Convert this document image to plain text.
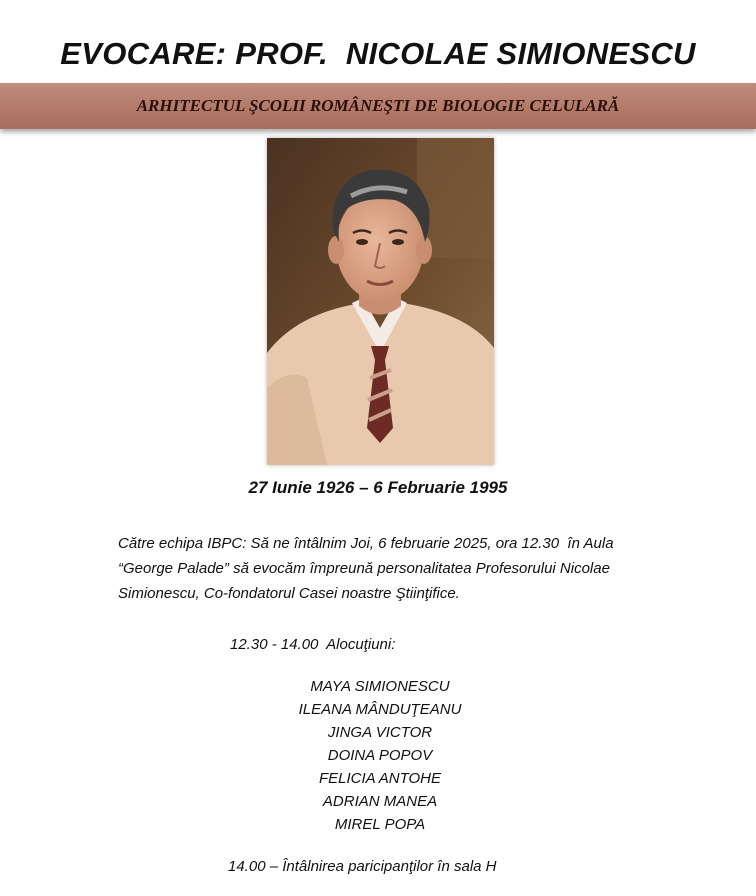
EVOCARE: PROF.  NICOLAE SIMIONESCU
ARHITECTUL ŞCOLII ROMÂNEŞTI DE BIOLOGIE CELULARĂ
27 Iunie 1926 – 6 Februarie 1995
Către echipa IBPC: Să ne întâlnim Joi, 6 februarie 2025, ora 12.30  în Aula
“George Palade” să evocăm împreună personalitatea Profesorului Nicolae
Simionescu, Co-fondatorul Casei noastre Ştiinţifice.
12.30 - 14.00  Alocuţiuni:
MAYA SIMIONESCU
ILEANA MÂNDUŢEANU
JINGA VICTOR
DOINA POPOV
FELICIA ANTOHE
ADRIAN MANEA
MIREL POPA
14.00 – Întâlnirea paricipanţilor în sala H
